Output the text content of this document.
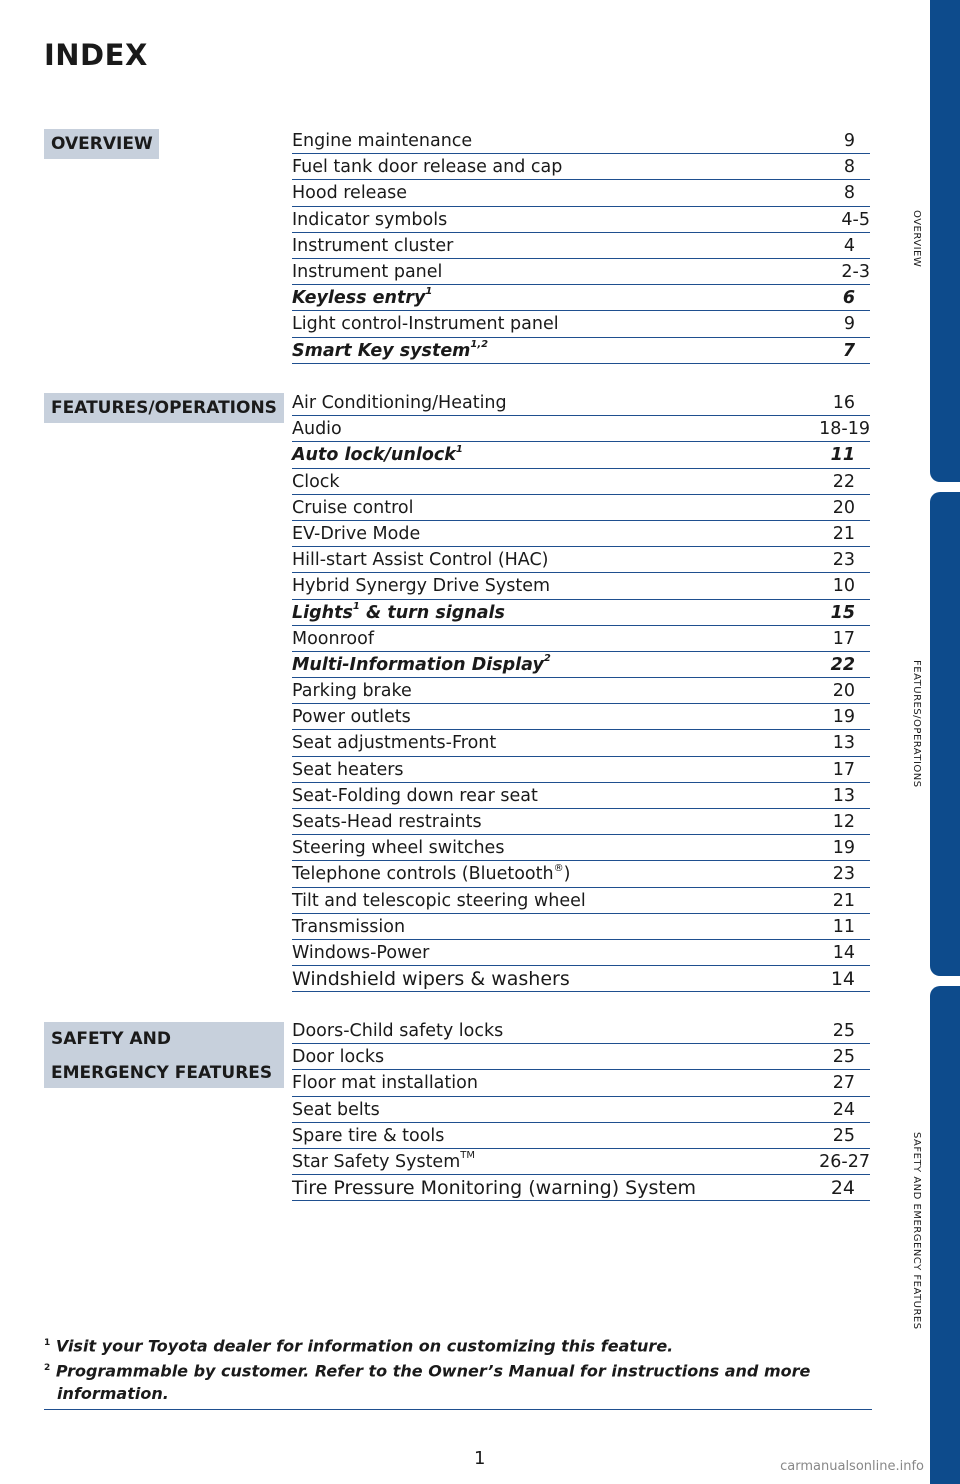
INDEX
OVERVIEW
FEATURES/OPERATIONS
SAFETY AND
EMERGENCY FEATURES
Engine maintenance	9
Fuel tank door release and cap	8
Hood release	8
Indicator symbols	4-5
Instrument cluster	4
Instrument panel	2-3
Keyless entry$^1$	6
Light control-Instrument panel	9
Smart Key system$^{1,2}$	7
Air Conditioning/Heating	16
Audio	18-19
Auto lock/unlock$^1$	11
Clock	22
Cruise control	20
EV-Drive Mode	21
Hill-start Assist Control (HAC)	23
Hybrid Synergy Drive System	10
Lights$^1$ & turn signals	15
Moonroof	17
Multi-Information Display$^2$	22
Parking brake	20
Power outlets	19
Seat adjustments-Front	13
Seat heaters	17
Seat-Folding down rear seat	13
Seats-Head restraints	12
Steering wheel switches	19
Telephone controls (Bluetooth®)	23
Tilt and telescopic steering wheel	21
Transmission	11
Windows-Power	14
Windshield wipers & washers	14
Doors-Child safety locks	25
Door locks	25
Floor mat installation	27
Seat belts	24
Spare tire & tools	25
Star Safety System™	26-27
Tire Pressure Monitoring (warning) System	24
OVERVIEW
FEATURES/OPERATIONS
SAFETY AND EMERGENCY FEATURES
$^1$ Visit your Toyota dealer for information on customizing this feature.
$^2$ Programmable by customer. Refer to the Owner’s Manual for instructions and more information.
1	carmanualsonline.info
